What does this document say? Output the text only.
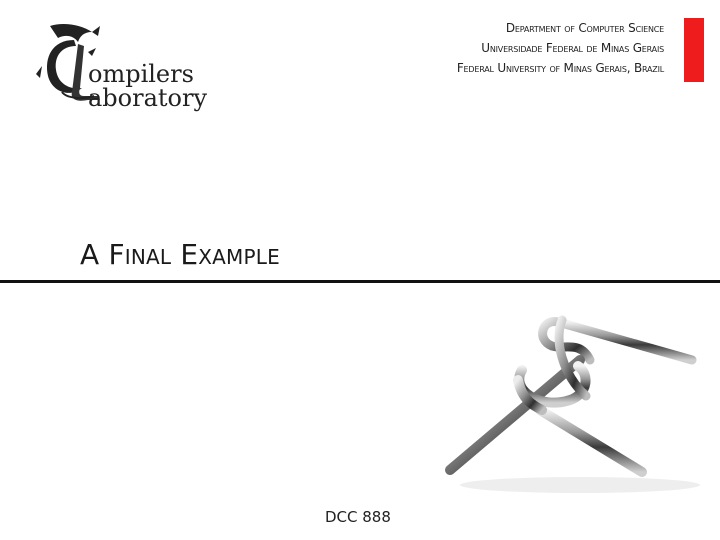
ompilers
aboratory
Department of Computer Science
Universidade Federal de Minas Gerais
Federal University of Minas Gerais, Brazil
A Final Example
DCC 888
